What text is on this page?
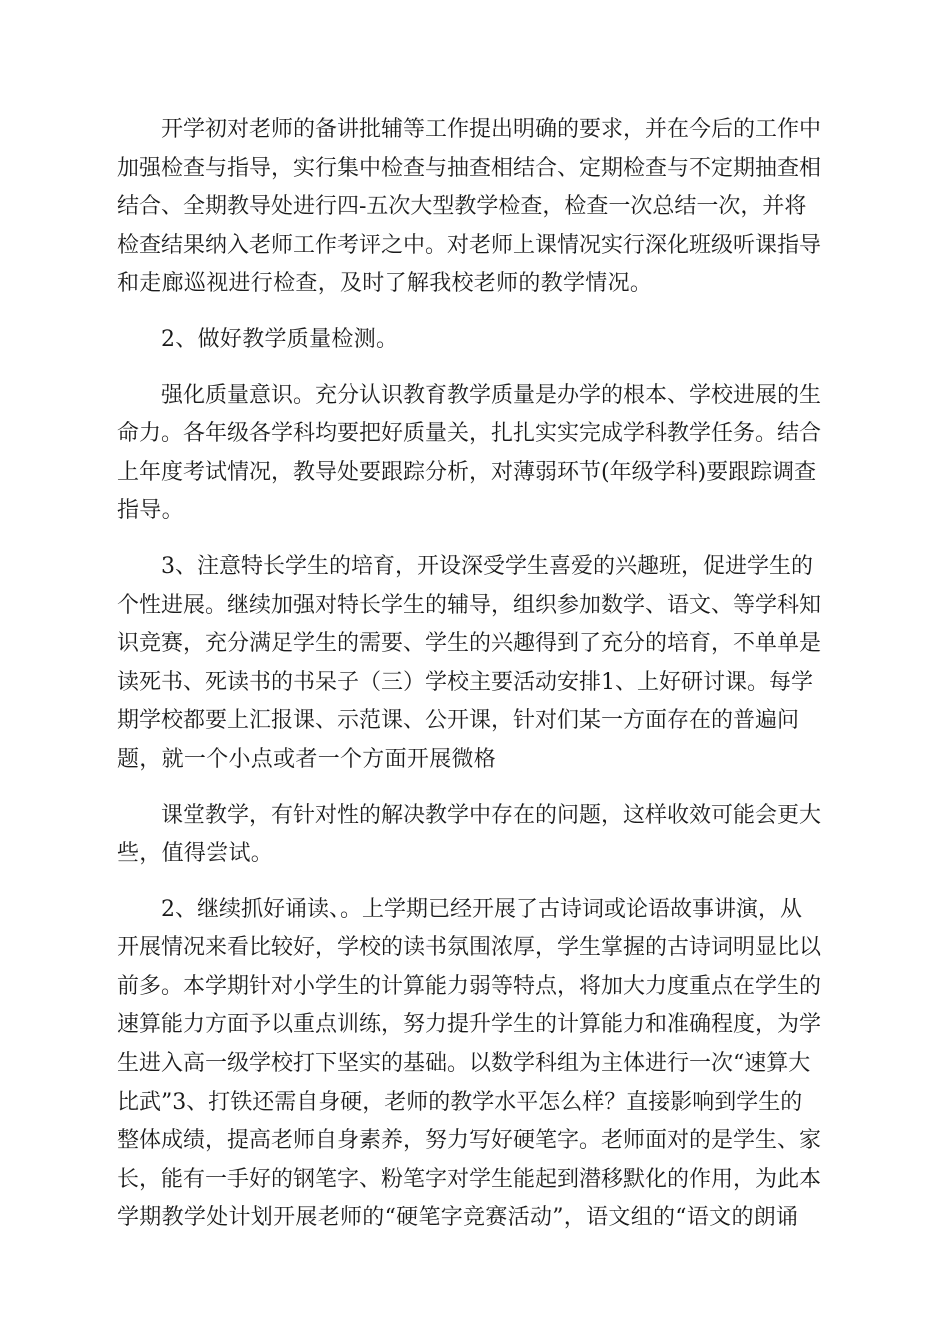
开学初对老师的备讲批辅等工作提出明确的要求，并在今后的工作中
加强检查与指导，实行集中检查与抽查相结合、定期检查与不定期抽查相
结合、全期教导处进行四-五次大型教学检查，检查一次总结一次，并将
检查结果纳入老师工作考评之中。对老师上课情况实行深化班级听课指导
和走廊巡视进行检查，及时了解我校老师的教学情况。
2、做好教学质量检测。
强化质量意识。充分认识教育教学质量是办学的根本、学校进展的生
命力。各年级各学科均要把好质量关，扎扎实实完成学科教学任务。结合
上年度考试情况，教导处要跟踪分析，对薄弱环节(年级学科)要跟踪调查
指导。
3、注意特长学生的培育，开设深受学生喜爱的兴趣班，促进学生的
个性进展。继续加强对特长学生的辅导，组织参加数学、语文、等学科知
识竞赛，充分满足学生的需要、学生的兴趣得到了充分的培育，不单单是
读死书、死读书的书呆子（三）学校主要活动安排1、上好研讨课。每学
期学校都要上汇报课、示范课、公开课，针对们某一方面存在的普遍问
题，就一个小点或者一个方面开展微格
课堂教学，有针对性的解决教学中存在的问题，这样收效可能会更大
些，值得尝试。
2、继续抓好诵读、。上学期已经开展了古诗词或论语故事讲演，从
开展情况来看比较好，学校的读书氛围浓厚，学生掌握的古诗词明显比以
前多。本学期针对小学生的计算能力弱等特点，将加大力度重点在学生的
速算能力方面予以重点训练，努力提升学生的计算能力和准确程度，为学
生进入高一级学校打下坚实的基础。以数学科组为主体进行一次“速算大
比武”3、打铁还需自身硬，老师的教学水平怎么样？直接影响到学生的
整体成绩，提高老师自身素养，努力写好硬笔字。老师面对的是学生、家
长，能有一手好的钢笔字、粉笔字对学生能起到潜移默化的作用，为此本
学期教学处计划开展老师的“硬笔字竞赛活动”，语文组的“语文的朗诵
